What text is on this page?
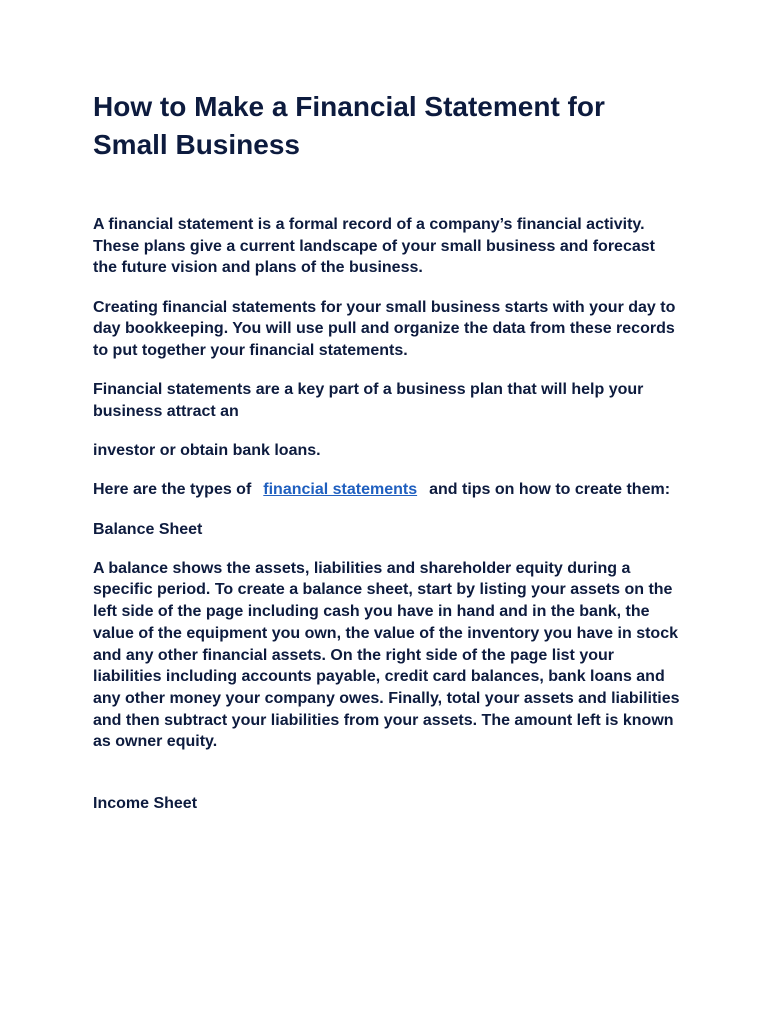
How to Make a Financial Statement for Small Business

A financial statement is a formal record of a company’s financial activity. These plans give a current landscape of your small business and forecast the future vision and plans of the business.

Creating financial statements for your small business starts with your day to day bookkeeping. You will use pull and organize the data from these records to put together your financial statements.

Financial statements are a key part of a business plan that will help your business attract an

investor or obtain bank loans.

Here are the types of financial statements and tips on how to create them:

Balance Sheet

A balance shows the assets, liabilities and shareholder equity during a specific period. To create a balance sheet, start by listing your assets on the left side of the page including cash you have in hand and in the bank, the value of the equipment you own, the value of the inventory you have in stock and any other financial assets. On the right side of the page list your liabilities including accounts payable, credit card balances, bank loans and any other money your company owes. Finally, total your assets and liabilities and then subtract your liabilities from your assets. The amount left is known as owner equity.

Income Sheet
